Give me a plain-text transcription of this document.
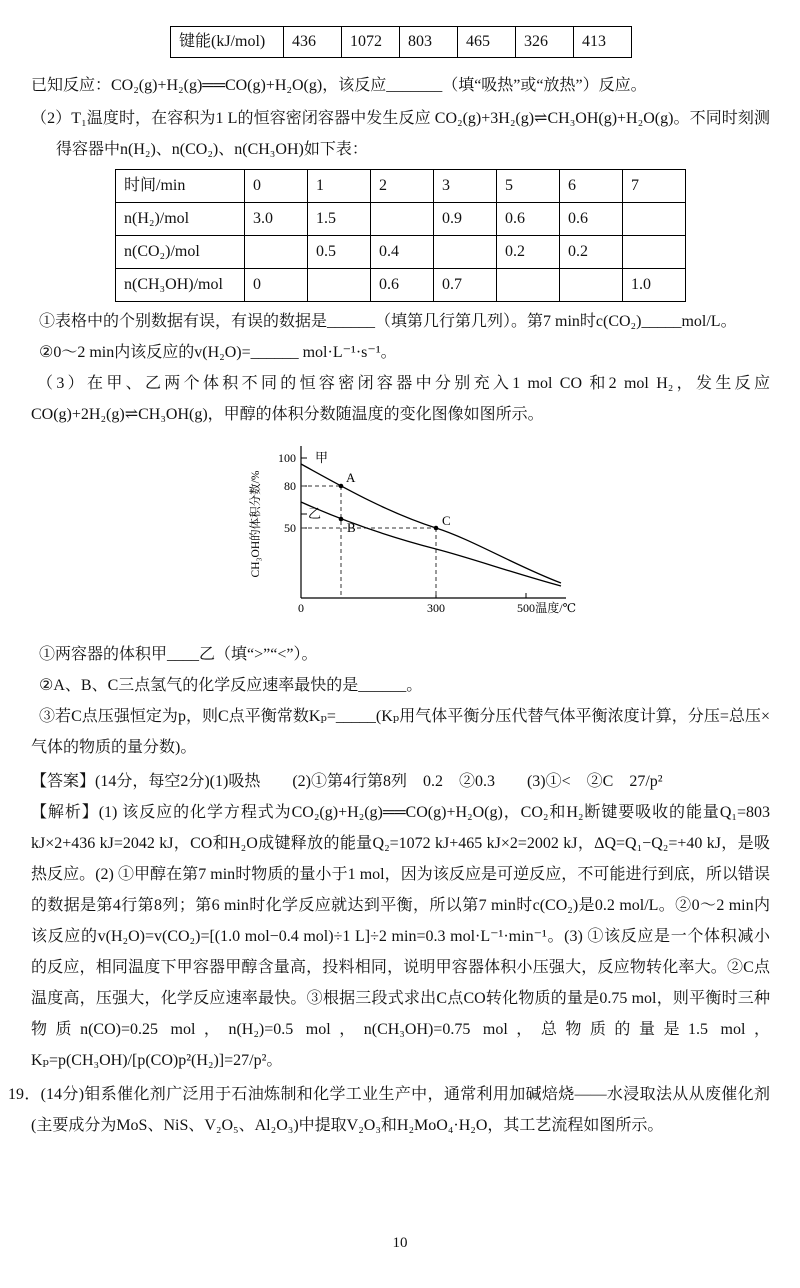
键能(kJ/mol)	436	1072	803	465	326	413

已知反应：CO₂(g)+H₂(g)══CO(g)+H₂O(g)，该反应_______（填“吸热”或“放热”）反应。

（2）T₁温度时，在容积为1 L的恒容密闭容器中发生反应 CO₂(g)+3H₂(g)⇌CH₃OH(g)+H₂O(g)。不同时刻测得容器中n(H₂)、n(CO₂)、n(CH₃OH)如下表：

时间/min	0	1	2	3	5	6	7
n(H₂)/mol	3.0	1.5		0.9	0.6	0.6	
n(CO₂)/mol		0.5	0.4		0.2	0.2	
n(CH₃OH)/mol	0		0.6	0.7			1.0

①表格中的个别数据有误，有误的数据是______（填第几行第几列）。第7 min时c(CO₂)_____mol/L。

②0～2 min内该反应的v(H₂O)=______ mol·L⁻¹·s⁻¹。

（3）在甲、乙两个体积不同的恒容密闭容器中分别充入1 mol CO 和2 mol H₂，发生反应 CO(g)+2H₂(g)⇌CH₃OH(g)，甲醇的体积分数随温度的变化图像如图所示。

CH₃OH的体积分数/%
100
80
50
0	300	500 温度/℃
甲
A
乙
B	C

①两容器的体积甲____乙（填“>”“<”）。

②A、B、C三点氢气的化学反应速率最快的是______。

③若C点压强恒定为p，则C点平衡常数Kₚ=_____(Kₚ用气体平衡分压代替气体平衡浓度计算，分压=总压×气体的物质的量分数)。

【答案】(14分，每空2分)(1)吸热　　(2)①第4行第8列　0.2　②0.3　　(3)①<　②C　27/p²

【解析】(1) 该反应的化学方程式为CO₂(g)+H₂(g)══CO(g)+H₂O(g)，CO₂和H₂断键要吸收的能量Q₁=803 kJ×2+436 kJ=2042 kJ，CO和H₂O成键释放的能量Q₂=1072 kJ+465 kJ×2=2002 kJ，ΔQ=Q₁−Q₂=+40 kJ，是吸热反应。(2) ①甲醇在第7 min时物质的量小于1 mol，因为该反应是可逆反应，不可能进行到底，所以错误的数据是第4行第8列；第6 min时化学反应就达到平衡，所以第7 min时c(CO₂)是0.2 mol/L。②0～2 min内该反应的v(H₂O)=v(CO₂)=[(1.0 mol−0.4 mol)÷1 L]÷2 min=0.3 mol·L⁻¹·min⁻¹。(3) ①该反应是一个体积减小的反应，相同温度下甲容器甲醇含量高，投料相同，说明甲容器体积小压强大，反应物转化率大。②C点温度高，压强大，化学反应速率最快。③根据三段式求出C点CO转化物质的量是0.75 mol，则平衡时三种物质n(CO)=0.25 mol，n(H₂)=0.5 mol，n(CH₃OH)=0.75 mol，总物质的量是1.5 mol，Kₚ=p(CH₃OH)/[p(CO)p²(H₂)]=27/p²。

19．(14分)钼系催化剂广泛用于石油炼制和化学工业生产中，通常利用加碱焙烧——水浸取法从从废催化剂(主要成分为MoS、NiS、V₂O₅、Al₂O₃)中提取V₂O₃和H₂MoO₄·H₂O，其工艺流程如图所示。

10
